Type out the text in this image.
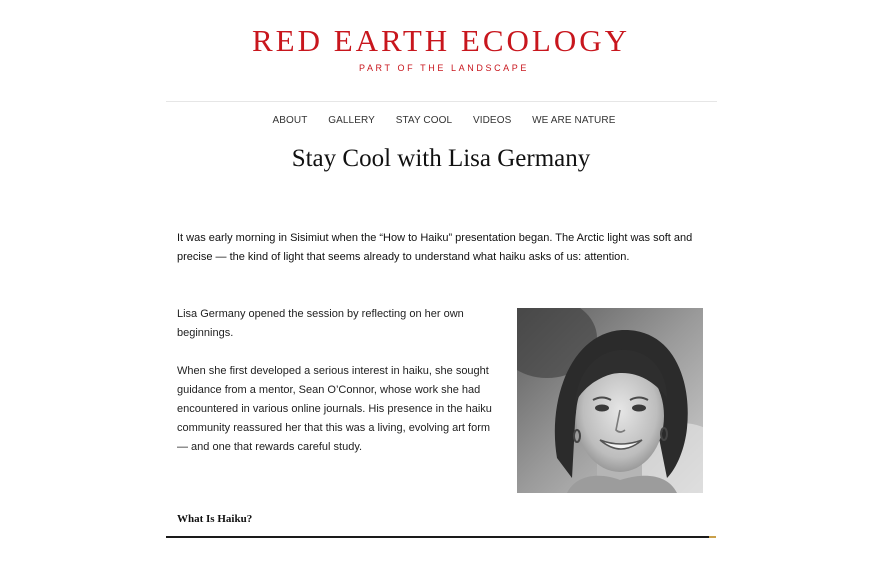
RED EARTH ECOLOGY
PART OF THE LANDSCAPE
ABOUT GALLERY STAY COOL VIDEOS WE ARE NATURE
Stay Cool with Lisa Germany

It was early morning in Sisimiut when the “How to Haiku” presentation began. The Arctic light was soft and precise — the kind of light that seems already to understand what haiku asks of us: attention.

Lisa Germany opened the session by reflecting on her own beginnings.

When she first developed a serious interest in haiku, she sought guidance from a mentor, Sean O’Connor, whose work she had encountered in various online journals. His presence in the haiku community reassured her that this was a living, evolving art form — and one that rewards careful study.

What Is Haiku?
